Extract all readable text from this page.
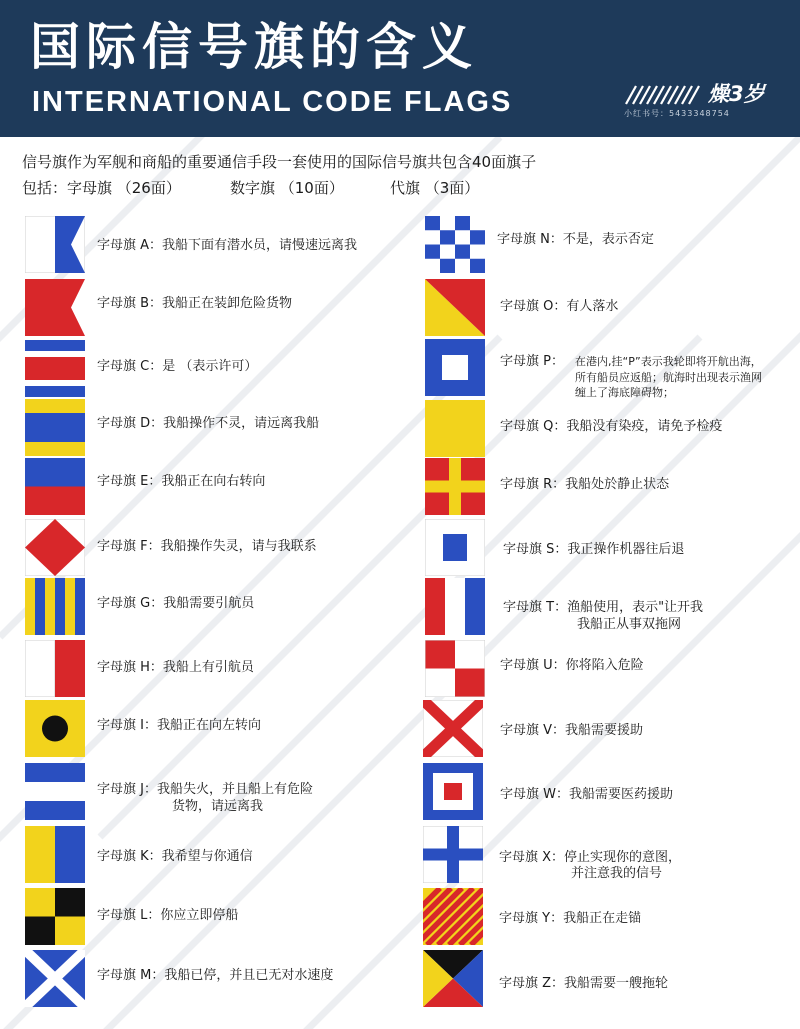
国际信号旗的含义
INTERNATIONAL CODE FLAGS	燥3岁
小红书号：5433348754
信号旗作为军舰和商船的重要通信手段一套使用的国际信号旗共包含40面旗子
包括：字母旗 （26面）	数字旗 （10面）	代旗 （3面）
字母旗 A：我船下面有潜水员，请慢速远离我
字母旗 B：我船正在装卸危险货物
字母旗 C：是 （表示许可）
字母旗 D：我船操作不灵，请远离我船
字母旗 E：我船正在向右转向
字母旗 F：我船操作失灵，请与我联系
字母旗 G：我船需要引航员
字母旗 H：我船上有引航员
字母旗 I：我船正在向左转向
字母旗 J：我船失火，并且船上有危险
货物，请远离我
字母旗 K：我希望与你通信
字母旗 L：你应立即停船
字母旗 M：我船已停，并且已无对水速度
字母旗 N：不是，表示否定
字母旗 O：有人落水
字母旗 P： 在港内,挂“P”表示我轮即将开航出海，
所有船员应返船；航海时出现表示渔网
缠上了海底障碍物；
字母旗 Q：我船没有染疫，请免予检疫
字母旗 R：我船处於静止状态
字母旗 S：我正操作机器往后退
字母旗 T：渔船使用，表示"让开我
我船正从事双拖网
字母旗 U：你将陷入危险
字母旗 V：我船需要援助
字母旗 W：我船需要医药援助
字母旗 X：停止实现你的意图，
并注意我的信号
字母旗 Y：我船正在走锚
字母旗 Z：我船需要一艘拖轮
